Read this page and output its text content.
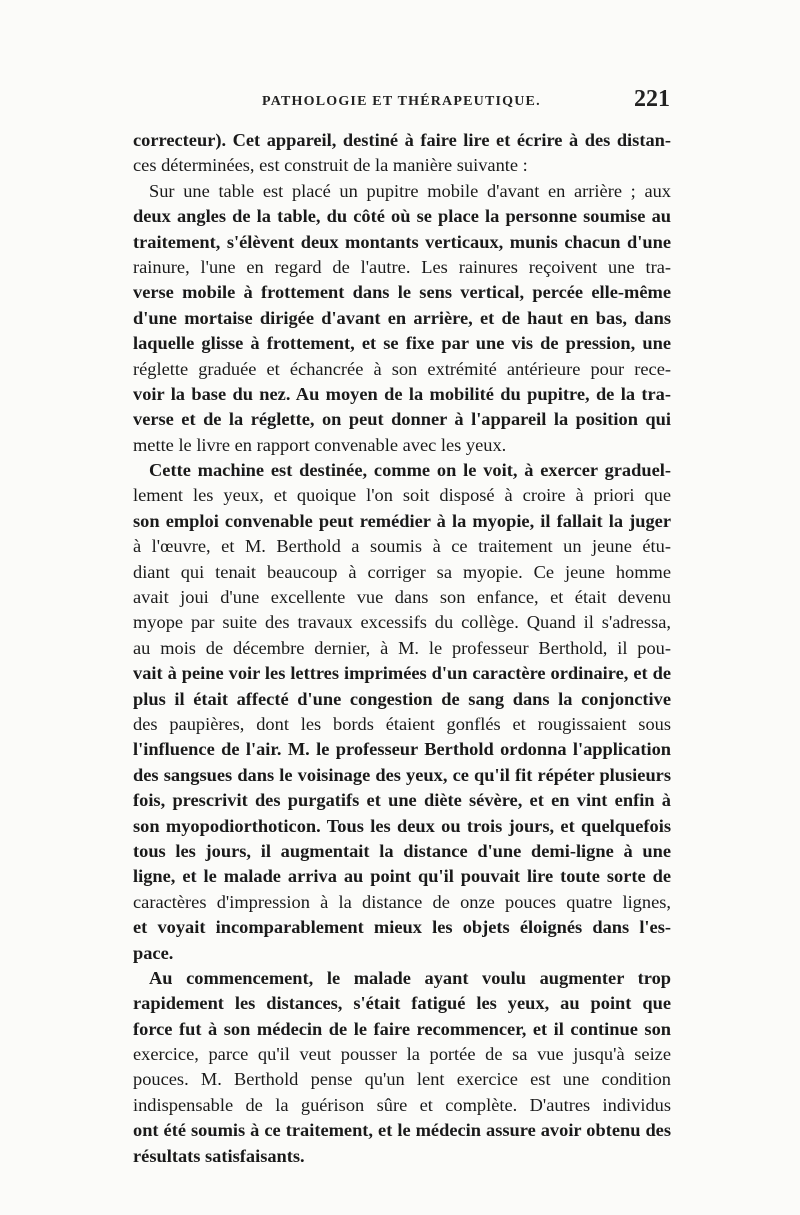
PATHOLOGIE ET THÉRAPEUTIQUE.	221
correcteur). Cet appareil, destiné à faire lire et écrire à des distan-
ces déterminées, est construit de la manière suivante :
Sur une table est placé un pupitre mobile d'avant en arrière ; aux
deux angles de la table, du côté où se place la personne soumise au
traitement, s'élèvent deux montants verticaux, munis chacun d'une
rainure, l'une en regard de l'autre. Les rainures reçoivent une tra-
verse mobile à frottement dans le sens vertical, percée elle-même
d'une mortaise dirigée d'avant en arrière, et de haut en bas, dans
laquelle glisse à frottement, et se fixe par une vis de pression, une
réglette graduée et échancrée à son extrémité antérieure pour rece-
voir la base du nez. Au moyen de la mobilité du pupitre, de la tra-
verse et de la réglette, on peut donner à l'appareil la position qui
mette le livre en rapport convenable avec les yeux.
Cette machine est destinée, comme on le voit, à exercer graduel-
lement les yeux, et quoique l'on soit disposé à croire à priori que
son emploi convenable peut remédier à la myopie, il fallait la juger
à l'œuvre, et M. Berthold a soumis à ce traitement un jeune étu-
diant qui tenait beaucoup à corriger sa myopie. Ce jeune homme
avait joui d'une excellente vue dans son enfance, et était devenu
myope par suite des travaux excessifs du collège. Quand il s'adressa,
au mois de décembre dernier, à M. le professeur Berthold, il pou-
vait à peine voir les lettres imprimées d'un caractère ordinaire, et de
plus il était affecté d'une congestion de sang dans la conjonctive
des paupières, dont les bords étaient gonflés et rougissaient sous
l'influence de l'air. M. le professeur Berthold ordonna l'application
des sangsues dans le voisinage des yeux, ce qu'il fit répéter plusieurs
fois, prescrivit des purgatifs et une diète sévère, et en vint enfin à
son myopodiorthoticon. Tous les deux ou trois jours, et quelquefois
tous les jours, il augmentait la distance d'une demi-ligne à une
ligne, et le malade arriva au point qu'il pouvait lire toute sorte de
caractères d'impression à la distance de onze pouces quatre lignes,
et voyait incomparablement mieux les objets éloignés dans l'es-
pace.
Au commencement, le malade ayant voulu augmenter trop
rapidement les distances, s'était fatigué les yeux, au point que
force fut à son médecin de le faire recommencer, et il continue son
exercice, parce qu'il veut pousser la portée de sa vue jusqu'à seize
pouces. M. Berthold pense qu'un lent exercice est une condition
indispensable de la guérison sûre et complète. D'autres individus
ont été soumis à ce traitement, et le médecin assure avoir obtenu des
résultats satisfaisants.
